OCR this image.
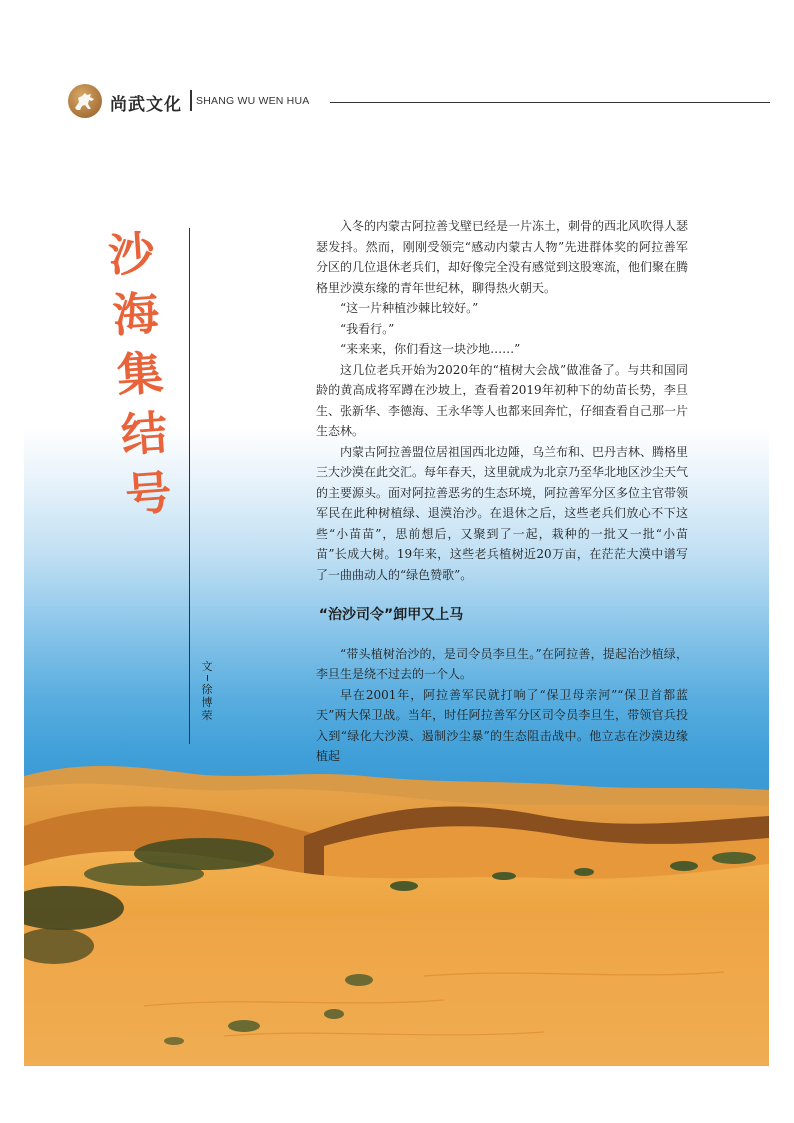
尚武文化 SHANG WU WEN HUA
沙
海
集
结
号
文
徐
博
荣

入冬的内蒙古阿拉善戈壁已经是一片冻土，刺骨的西北风吹得人瑟瑟发抖。然而，刚刚受领完“感动内蒙古人物”先进群体奖的阿拉善军分区的几位退休老兵们，却好像完全没有感觉到这股寒流，他们聚在腾格里沙漠东缘的青年世纪林，聊得热火朝天。

“这一片种植沙棘比较好。”

“我看行。”

“来来来，你们看这一块沙地……”

这几位老兵开始为2020年的“植树大会战”做准备了。与共和国同龄的黄高成将军蹲在沙坡上，查看着2019年初种下的幼苗长势，李旦生、张新华、李德海、王永华等人也都来回奔忙，仔细查看自己那一片生态林。

内蒙古阿拉善盟位居祖国西北边陲，乌兰布和、巴丹吉林、腾格里三大沙漠在此交汇。每年春天，这里就成为北京乃至华北地区沙尘天气的主要源头。面对阿拉善恶劣的生态环境，阿拉善军分区多位主官带领军民在此种树植绿、退漠治沙。在退休之后，这些老兵们放心不下这些“小苗苗”，思前想后，又聚到了一起，栽种的一批又一批“小苗苗”长成大树。19年来，这些老兵植树近20万亩，在茫茫大漠中谱写了一曲曲动人的“绿色赞歌”。

“治沙司令”卸甲又上马

“带头植树治沙的，是司令员李旦生。”在阿拉善，提起治沙植绿，李旦生是绕不过去的一个人。

早在2001年，阿拉善军民就打响了“保卫母亲河”“保卫首都蓝天”两大保卫战。当年，时任阿拉善军分区司令员李旦生，带领官兵投入到“绿化大沙漠、遏制沙尘暴”的生态阻击战中。他立志在沙漠边缘植起
